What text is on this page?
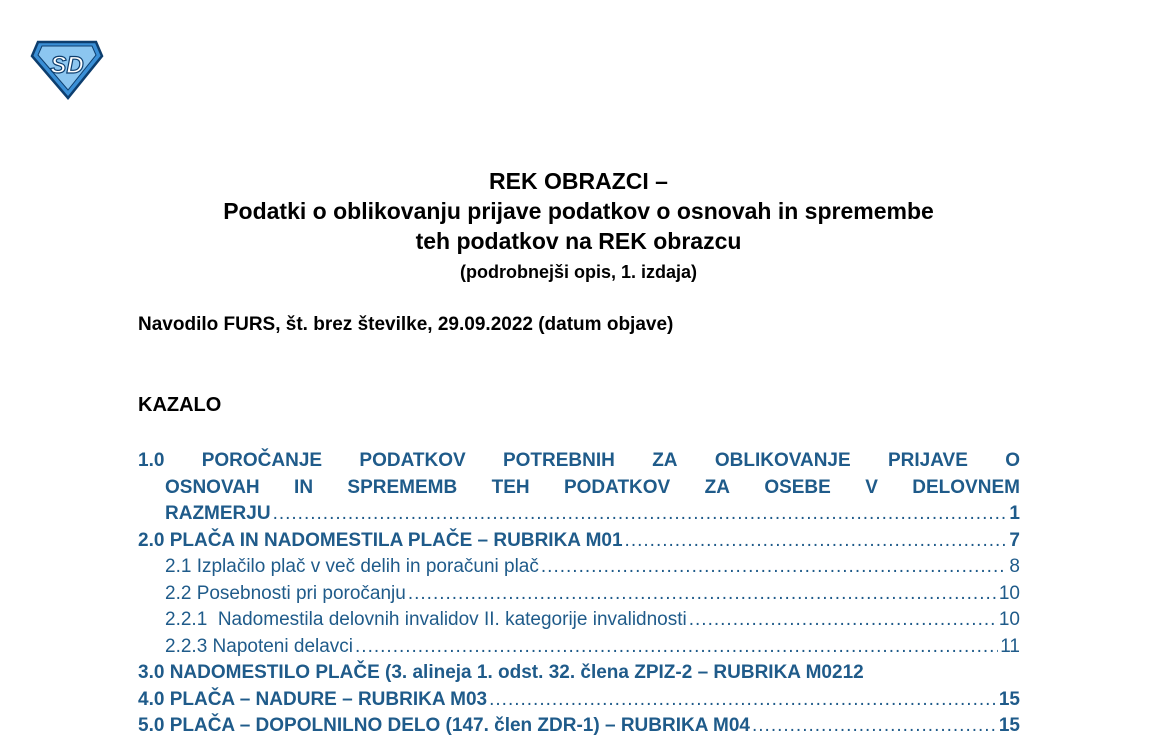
SD
REK OBRAZCI –
Podatki o oblikovanju prijave podatkov o osnovah in spremembe
teh podatkov na REK obrazcu

(podrobnejši opis, 1. izdaja)

Navodilo FURS, št. brez številke, 29.09.2022 (datum objave)

KAZALO

1.0 POROČANJE PODATKOV POTREBNIH ZA OBLIKOVANJE PRIJAVE O
OSNOVAH IN SPREMEMB TEH PODATKOV ZA OSEBE V DELOVNEM
RAZMERJU .....	1
2.0 PLAČA IN NADOMESTILA PLAČE – RUBRIKA M01 .....	7
2.1 Izplačilo plač v več delih in poračuni plač .....	8
2.2 Posebnosti pri poročanju .....	10
2.2.1  Nadomestila delovnih invalidov II. kategorije invalidnosti .....	10
2.2.3 Napoteni delavci .....	11
3.0 NADOMESTILO PLAČE (3. alineja 1. odst. 32. člena ZPIZ-2 – RUBRIKA M02 12
4.0 PLAČA – NADURE – RUBRIKA M03 .....	15
5.0 PLAČA – DOPOLNILNO DELO (147. člen ZDR-1) – RUBRIKA M04 .....	15
